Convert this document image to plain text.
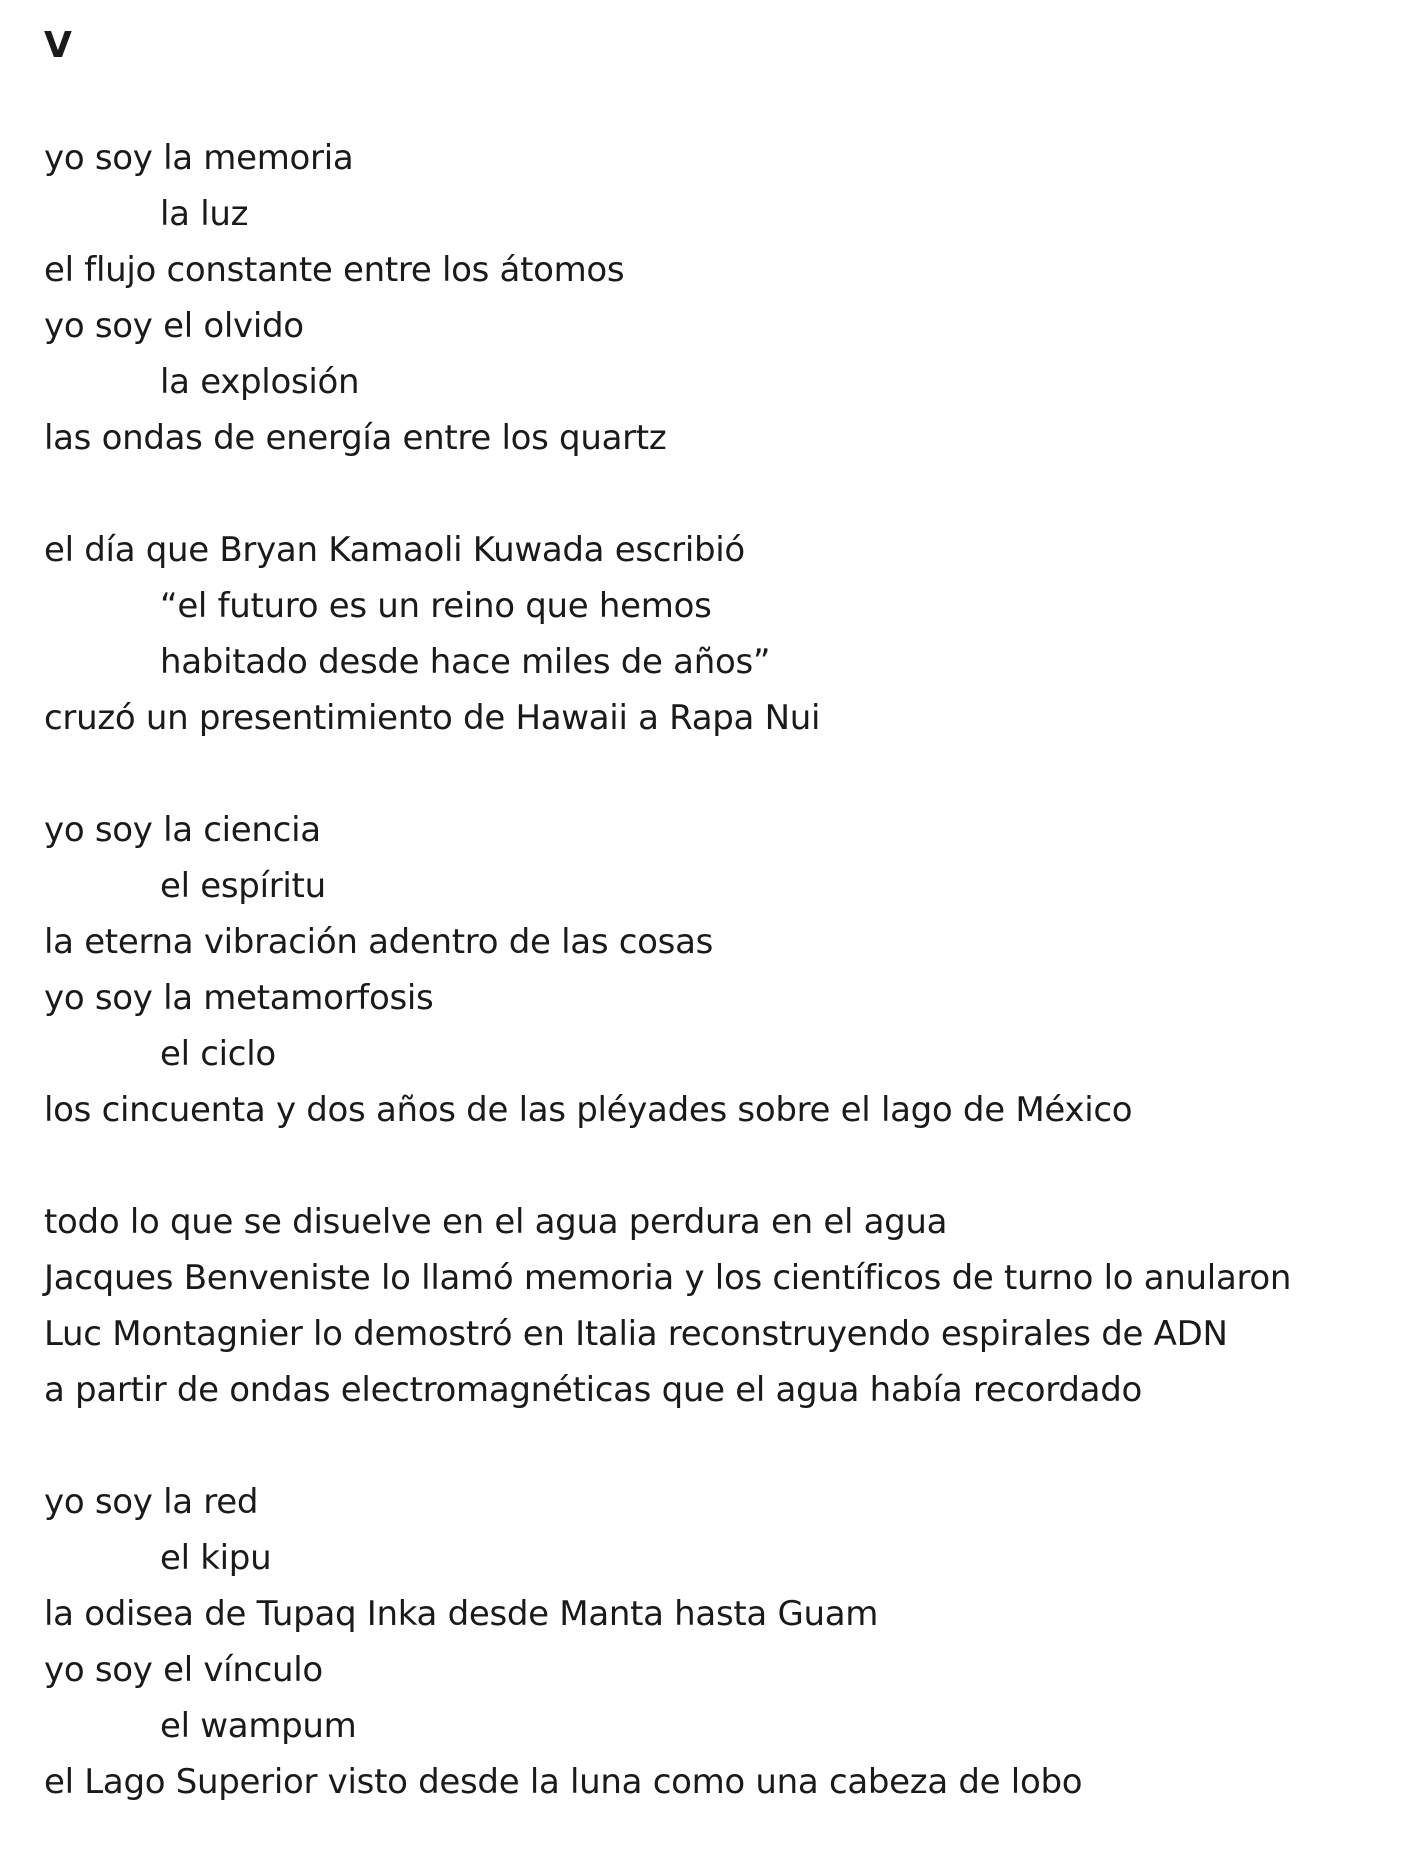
V
yo soy la memoria
la luz
el flujo constante entre los átomos
yo soy el olvido
la explosión
las ondas de energía entre los quartz
el día que Bryan Kamaoli Kuwada escribió
“el futuro es un reino que hemos
habitado desde hace miles de años”
cruzó un presentimiento de Hawaii a Rapa Nui
yo soy la ciencia
el espíritu
la eterna vibración adentro de las cosas
yo soy la metamorfosis
el ciclo
los cincuenta y dos años de las pléyades sobre el lago de México
todo lo que se disuelve en el agua perdura en el agua
Jacques Benveniste lo llamó memoria y los científicos de turno lo anularon
Luc Montagnier lo demostró en Italia reconstruyendo espirales de ADN
a partir de ondas electromagnéticas que el agua había recordado
yo soy la red
el kipu
la odisea de Tupaq Inka desde Manta hasta Guam
yo soy el vínculo
el wampum
el Lago Superior visto desde la luna como una cabeza de lobo
